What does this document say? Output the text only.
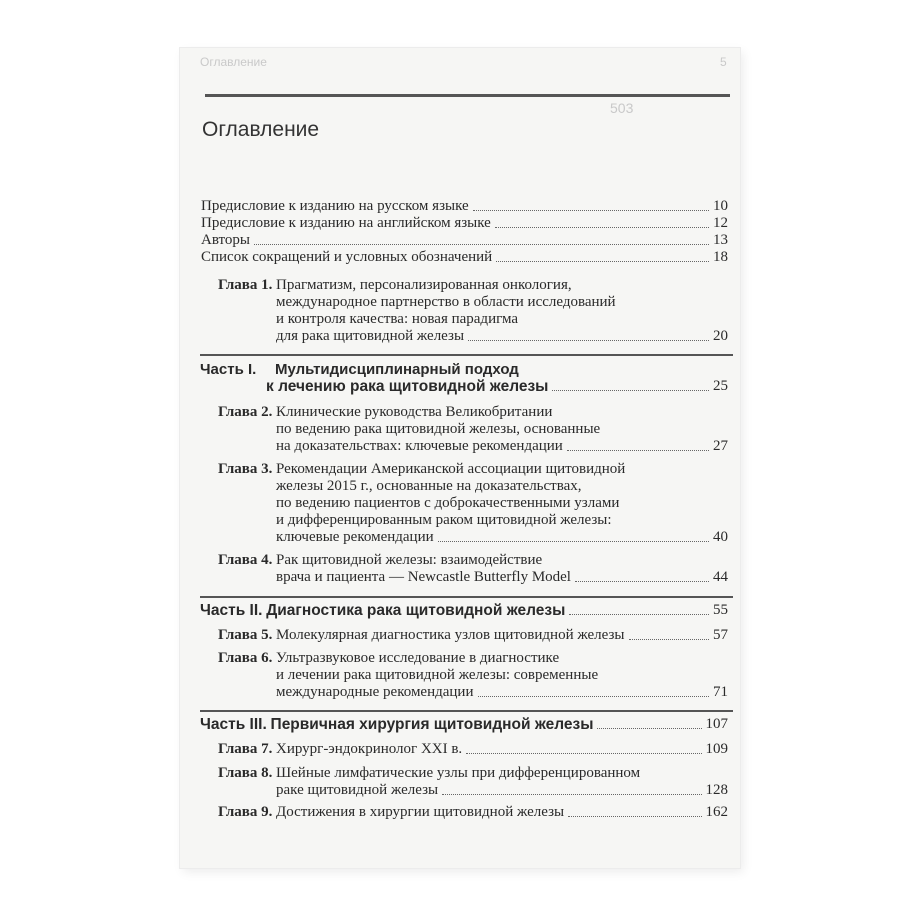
503
Оглавление	5
Оглавление
Предисловие к изданию на русском языке	10
Предисловие к изданию на английском языке	12
Авторы	13
Список сокращений и условных обозначений	18
Глава 1. Прагматизм, персонализированная онкология,
международное партнерство в области исследований
и контроля качества: новая парадигма
для рака щитовидной железы	20
Часть I. Мультидисциплинарный подход
к лечению рака щитовидной железы	25
Глава 2. Клинические руководства Великобритании
по ведению рака щитовидной железы, основанные
на доказательствах: ключевые рекомендации	27
Глава 3. Рекомендации Американской ассоциации щитовидной
железы 2015 г., основанные на доказательствах,
по ведению пациентов с доброкачественными узлами
и дифференцированным раком щитовидной железы:
ключевые рекомендации	40
Глава 4. Рак щитовидной железы: взаимодействие
врача и пациента — Newcastle Butterfly Model	44
Часть II.
Диагностика рака щитовидной железы	55
Глава 5. Молекулярная диагностика узлов щитовидной железы	57
Глава 6. Ультразвуковое исследование в диагностике
и лечении рака щитовидной железы: современные
международные рекомендации	71
Часть III.
Первичная хирургия щитовидной железы	107
Глава 7. Хирург-эндокринолог XXI в.	109
Глава 8. Шейные лимфатические узлы при дифференцированном
раке щитовидной железы	128
Глава 9. Достижения в хирургии щитовидной железы	162
